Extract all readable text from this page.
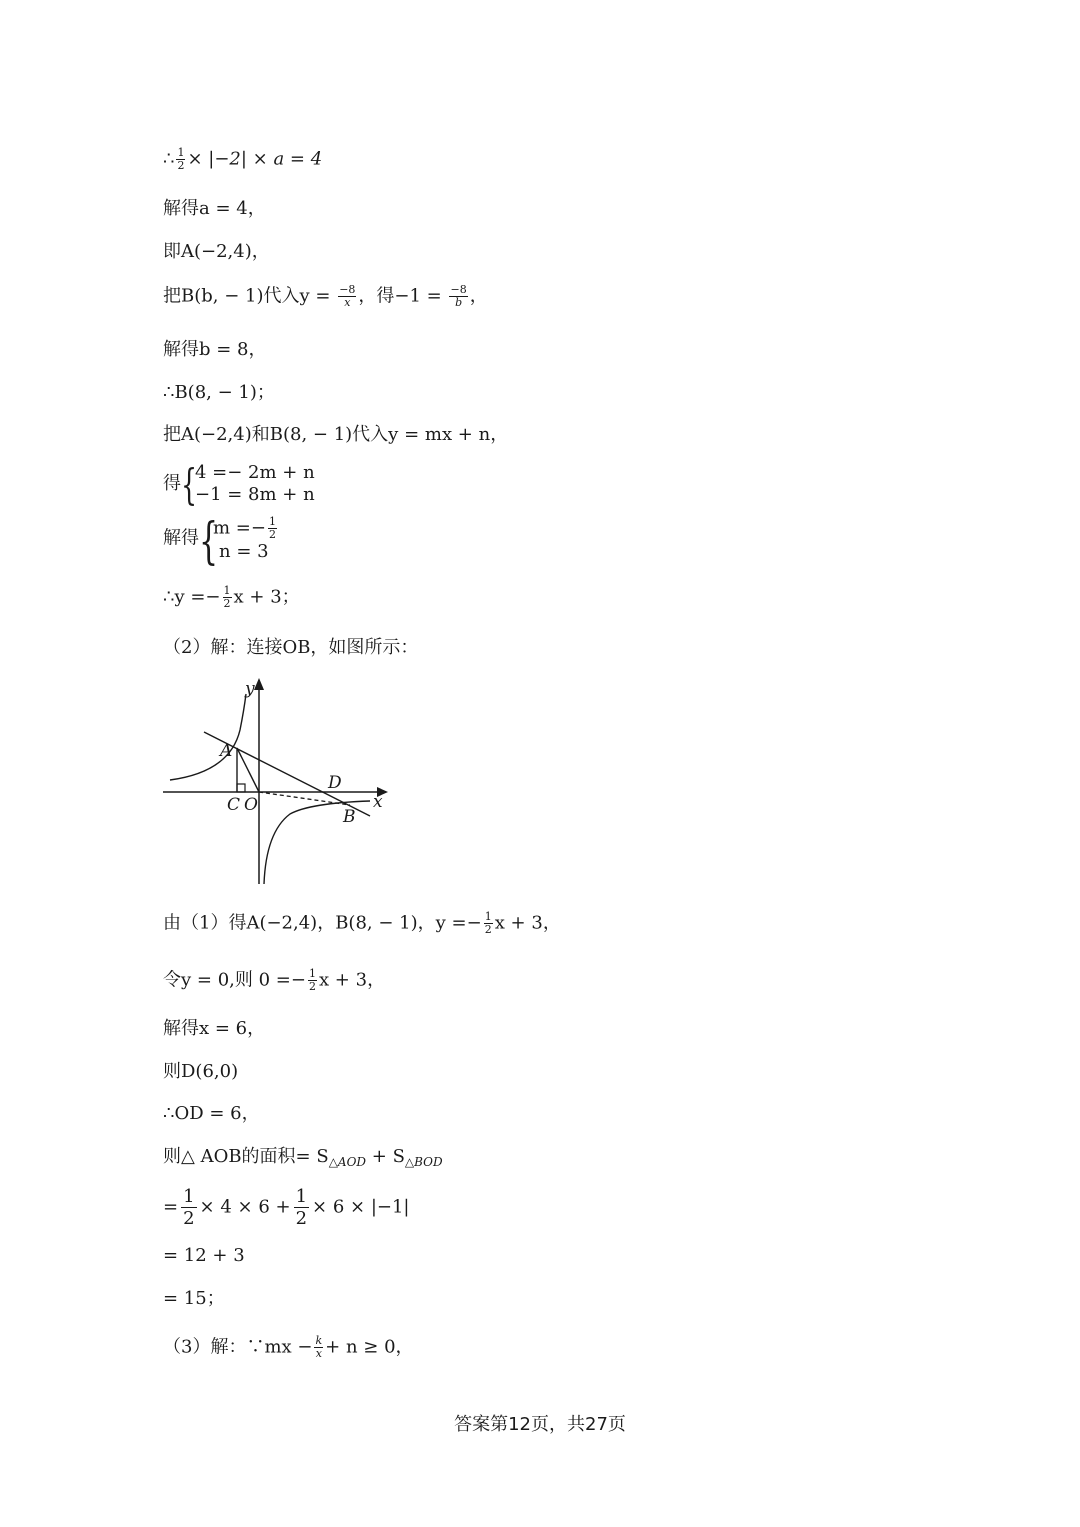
∴ $\frac{1}{2} \times |-2| \times a = 4$
解得a = 4，
即A(−2,4)，
把B(b, − 1)代入$y = \frac{-8}{x}$ ，得$-1 = \frac{-8}{b}$ ，
解得b = 8，
∴B(8, − 1)；
把A(−2,4)和B(8, − 1)代入y = mx + n，
得 {
4 =− 2m + n
−1 = 8m + n
解得 {
$m =- \frac{1}{2}$
n = 3
∴y =− $\frac{1}{2}$ x + 3；
（2）解：连接OB，如图所示：
y
x
A
C O
D
B
由（1）得A(−2,4)，B(8, − 1)，$y =- \frac{1}{2}$ x + 3，
令y = 0,则 $0 =- \frac{1}{2}$ x + 3，
解得x = 6，
则D(6,0)
∴OD = 6，
则△ AOB的面积= $S_{\triangle AOD} + S_{\triangle BOD}$
= $\frac{1}{2} \times 4 \times 6 + \frac{1}{2} \times 6 \times |-1|$
= 12 + 3
= 15；
（3）解：∵mx − $\frac{k}{x} + n \ge 0$，
答案第12页，共27页
